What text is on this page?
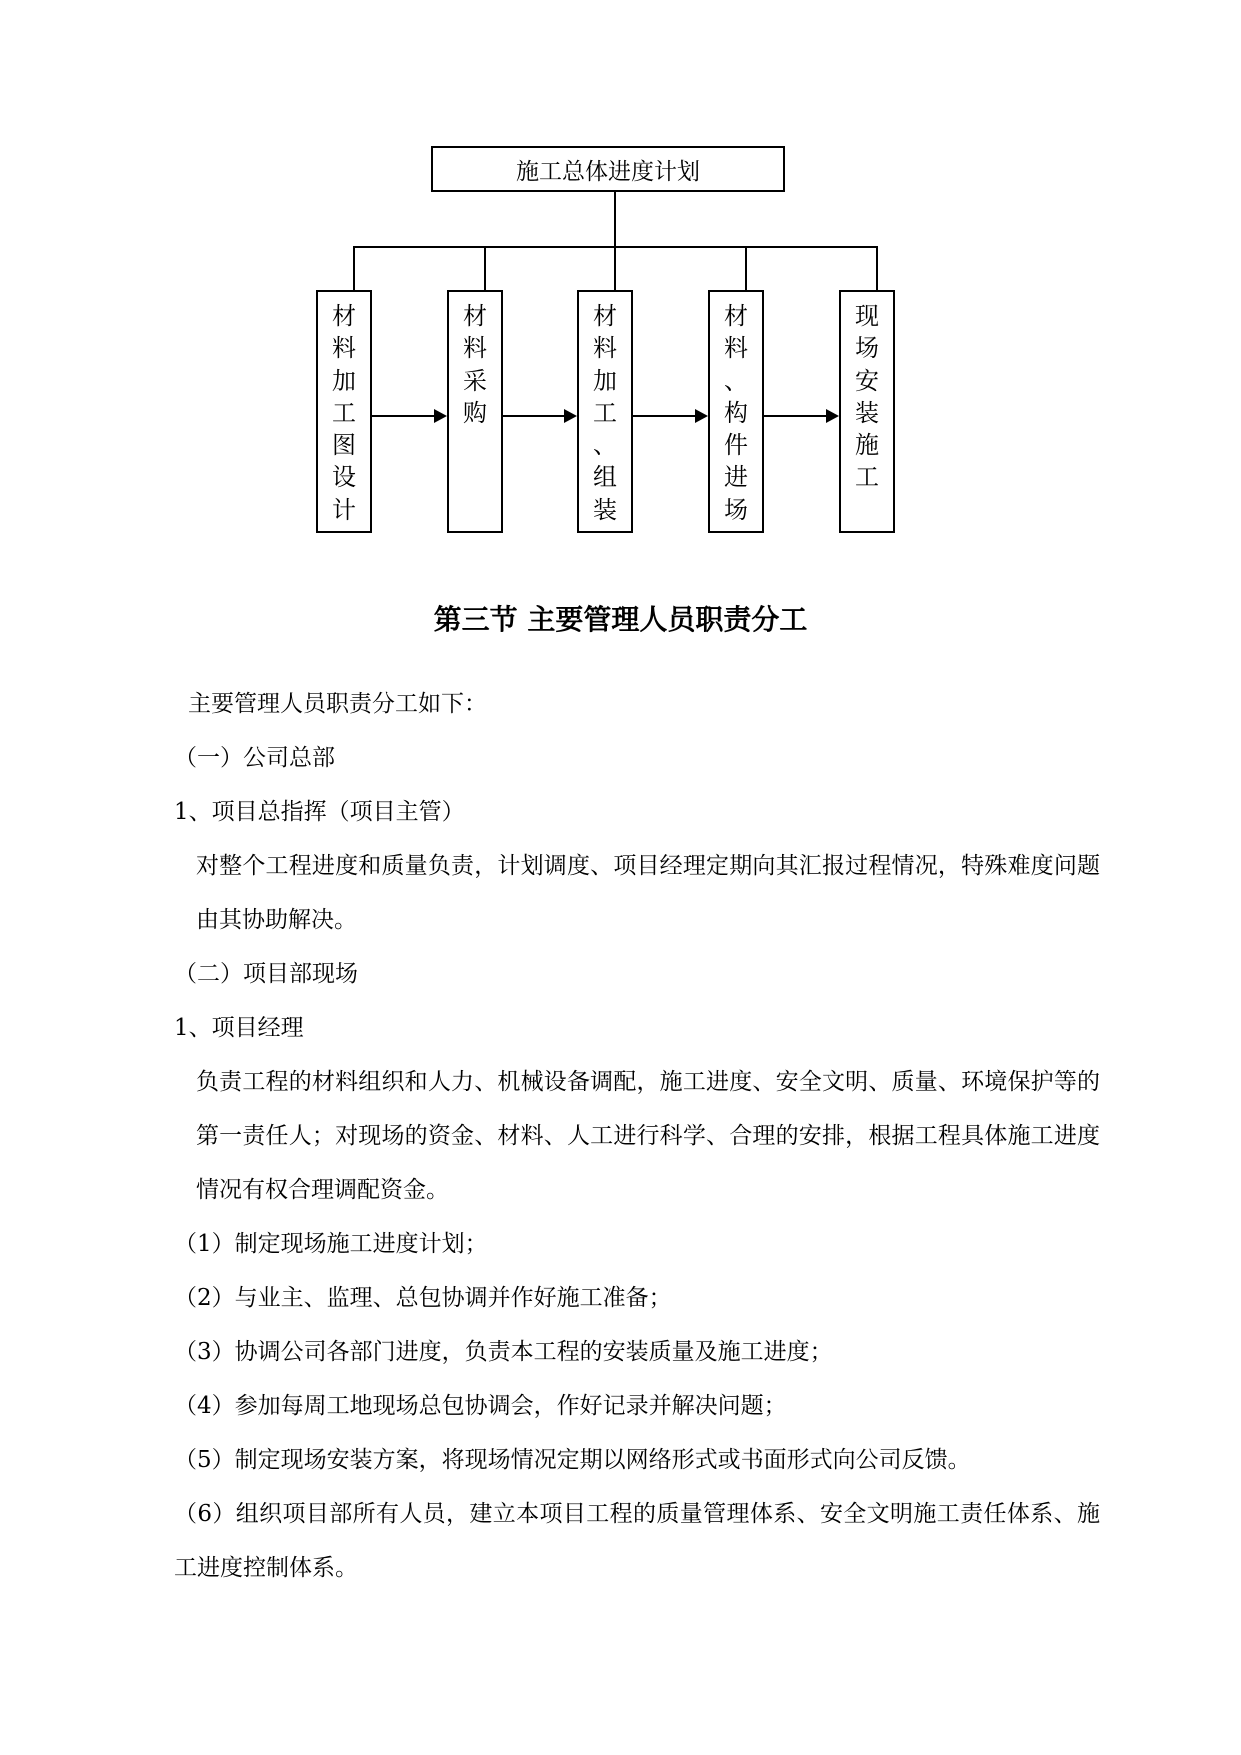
施工总体进度计划
材
料
加
工
图
设
计
材
料
采
购
材
料
加
工
、
组
装
材
料
、
构
件
进
场
现
场
安
装
施
工
第三节 主要管理人员职责分工

主要管理人员职责分工如下：

（一）公司总部

1、项目总指挥（项目主管）

对整个工程进度和质量负责，计划调度、项目经理定期向其汇报过程情况，特殊难度问题由其协助解决。

（二）项目部现场

1、项目经理

负责工程的材料组织和人力、机械设备调配，施工进度、安全文明、质量、环境保护等的第一责任人；对现场的资金、材料、人工进行科学、合理的安排，根据工程具体施工进度情况有权合理调配资金。

（1）制定现场施工进度计划；

（2）与业主、监理、总包协调并作好施工准备；

（3）协调公司各部门进度，负责本工程的安装质量及施工进度；

（4）参加每周工地现场总包协调会，作好记录并解决问题；

（5）制定现场安装方案，将现场情况定期以网络形式或书面形式向公司反馈。

（6）组织项目部所有人员，建立本项目工程的质量管理体系、安全文明施工责任体系、施工进度控制体系。
